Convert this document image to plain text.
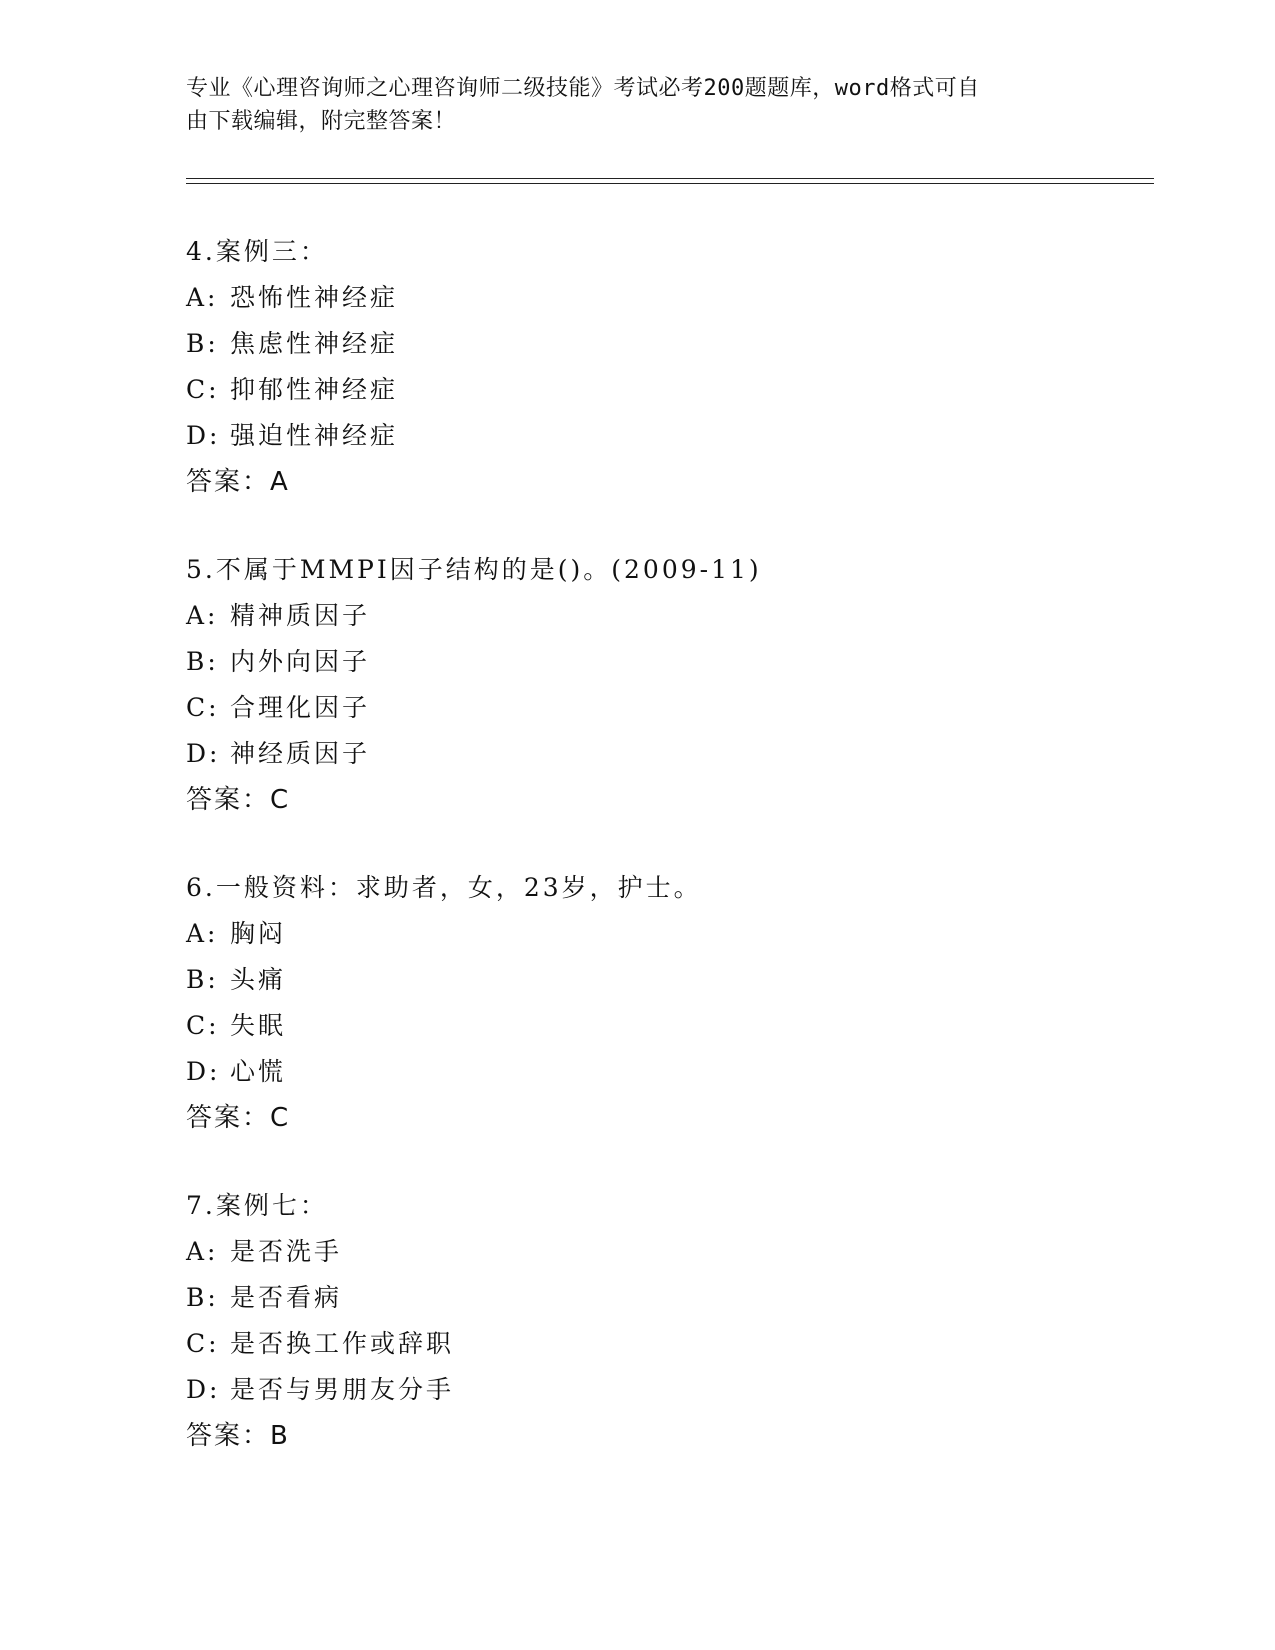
专业《心理咨询师之心理咨询师二级技能》考试必考200题题库，word格式可自
由下载编辑，附完整答案！
4.案例三：
A: 恐怖性神经症
B: 焦虑性神经症
C: 抑郁性神经症
D: 强迫性神经症
答案：A
5.不属于MMPI因子结构的是()。(2009-11)
A: 精神质因子
B: 内外向因子
C: 合理化因子
D: 神经质因子
答案：C
6.一般资料：求助者，女，23岁，护士。
A: 胸闷
B: 头痛
C: 失眠
D: 心慌
答案：C
7.案例七：
A: 是否洗手
B: 是否看病
C: 是否换工作或辞职
D: 是否与男朋友分手
答案：B
